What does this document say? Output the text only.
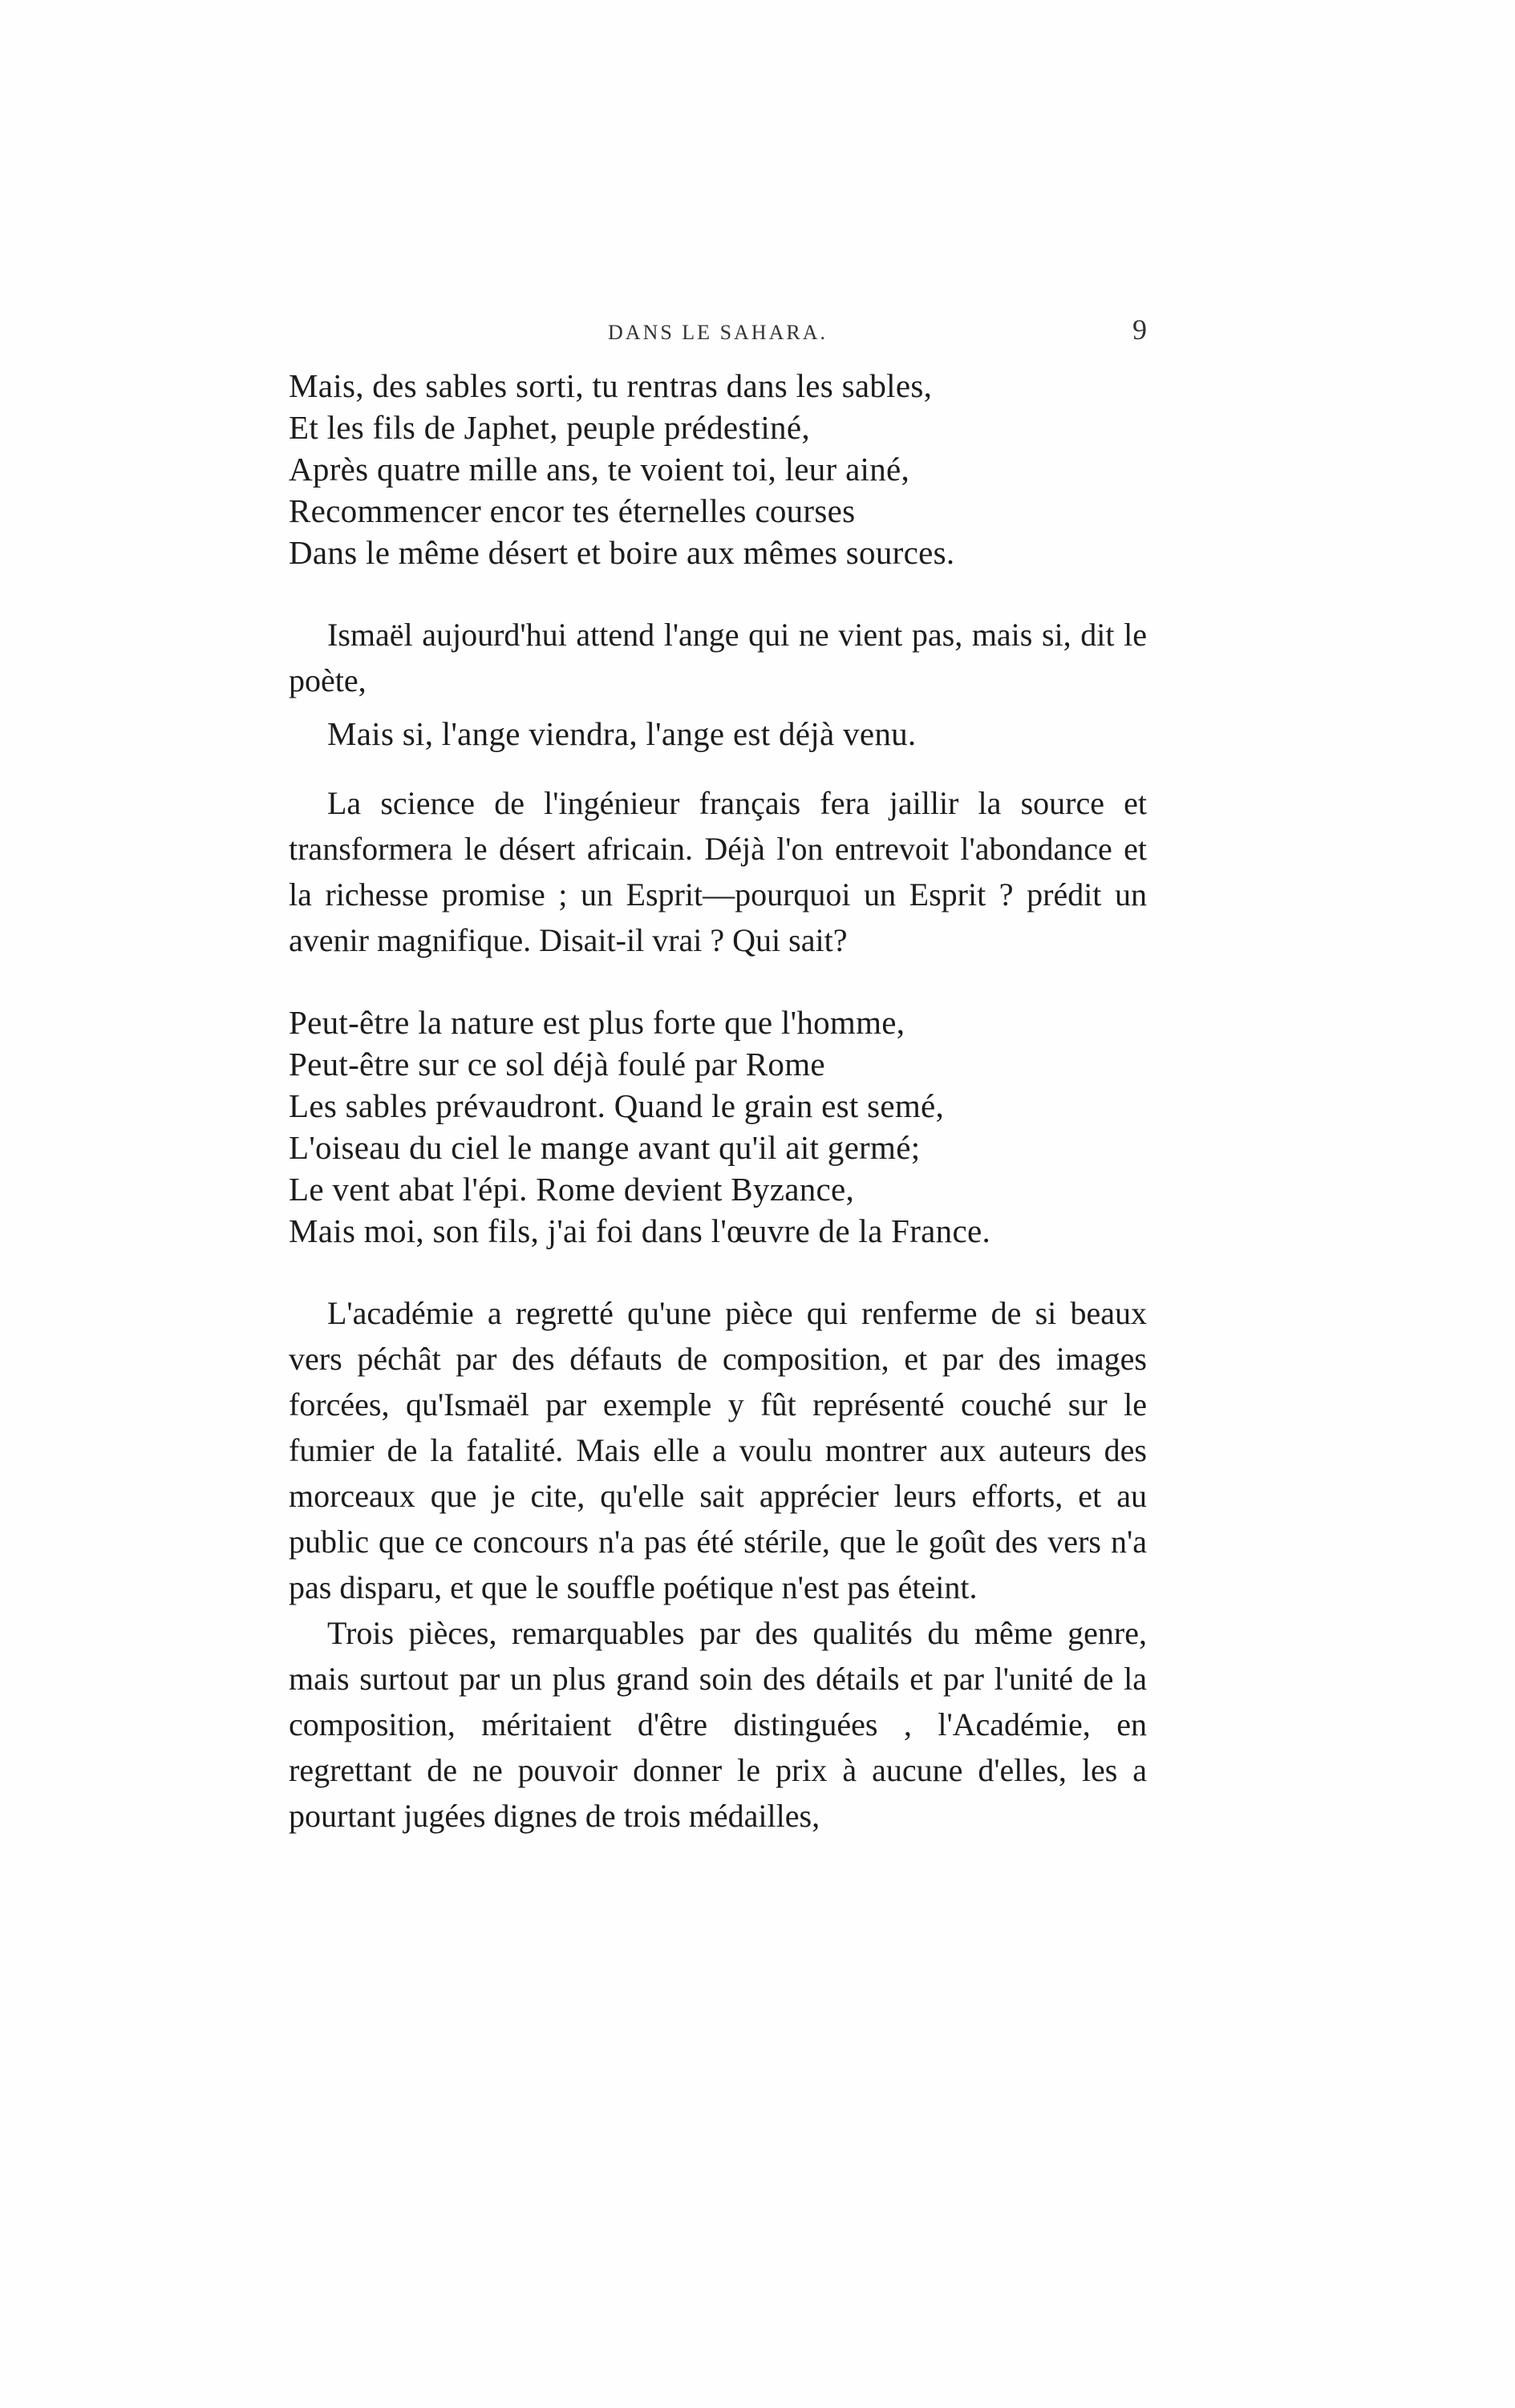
DANS LE SAHARA.	9
Mais, des sables sorti, tu rentras dans les sables,
Et les fils de Japhet, peuple prédestiné,
Après quatre mille ans, te voient toi, leur ainé,
Recommencer encor tes éternelles courses
Dans le même désert et boire aux mêmes sources.

Ismaël aujourd'hui attend l'ange qui ne vient pas, mais si, dit le poète,

Mais si, l'ange viendra, l'ange est déjà venu.

La science de l'ingénieur français fera jaillir la source et transformera le désert africain. Déjà l'on entrevoit l'abondance et la richesse promise ; un Esprit—pourquoi un Esprit ? prédit un avenir magnifique. Disait-il vrai ? Qui sait?

Peut-être la nature est plus forte que l'homme,
Peut-être sur ce sol déjà foulé par Rome
Les sables prévaudront. Quand le grain est semé,
L'oiseau du ciel le mange avant qu'il ait germé;
Le vent abat l'épi. Rome devient Byzance,
Mais moi, son fils, j'ai foi dans l'œuvre de la France.

L'académie a regretté qu'une pièce qui renferme de si beaux vers péchât par des défauts de composition, et par des images forcées, qu'Ismaël par exemple y fût représenté couché sur le fumier de la fatalité. Mais elle a voulu montrer aux auteurs des morceaux que je cite, qu'elle sait apprécier leurs efforts, et au public que ce concours n'a pas été stérile, que le goût des vers n'a pas disparu, et que le souffle poétique n'est pas éteint.

Trois pièces, remarquables par des qualités du même genre, mais surtout par un plus grand soin des détails et par l'unité de la composition, méritaient d'être distinguées , l'Académie, en regrettant de ne pouvoir donner le prix à aucune d'elles, les a pourtant jugées dignes de trois médailles,
